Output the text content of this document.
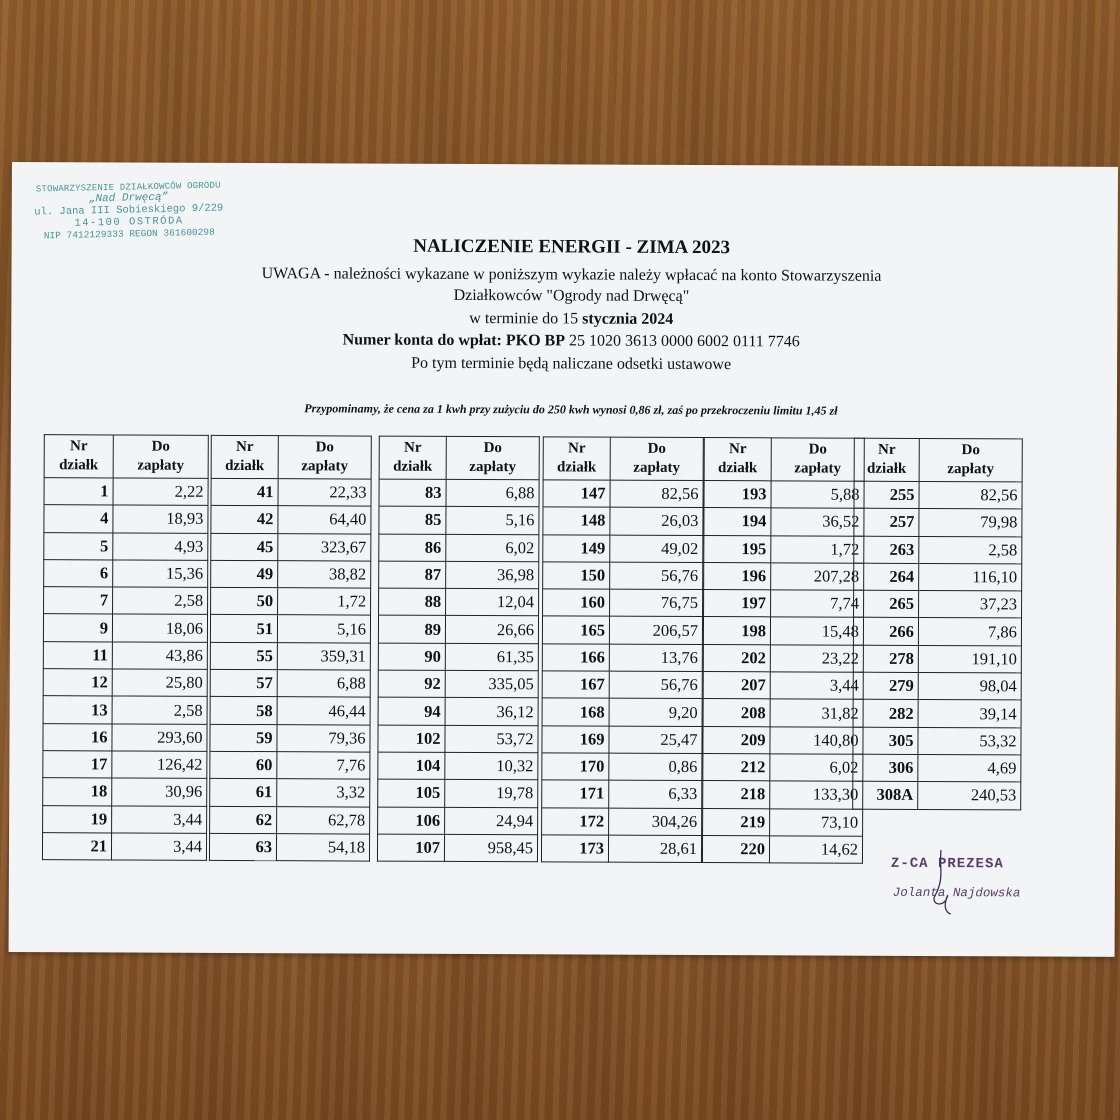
STOWARZYSZENIE DZIAŁKOWCÓW OGRODU
„Nad Drwęcą”
ul. Jana III Sobieskiego 9/229
14-100 OSTRÓDA
NIP 7412129333 REGON 361600298
NALICZENIE ENERGII - ZIMA 2023
UWAGA - należności wykazane w poniższym wykazie należy wpłacać na konto Stowarzyszenia Działkowców "Ogrody nad Drwęcą"
w terminie do 15 stycznia 2024
Numer konta do wpłat: PKO BP 25 1020 3613 0000 6002 0111 7746
Po tym terminie będą naliczane odsetki ustawowe
Przypominamy, że cena za 1 kwh przy zużyciu do 250 kwh wynosi 0,86 zł, zaś po przekroczeniu limitu 1,45 zł
Nr
działk	Do
zapłaty
1	2,22
4	18,93
5	4,93
6	15,36
7	2,58
9	18,06
11	43,86
12	25,80
13	2,58
16	293,60
17	126,42
18	30,96
19	3,44
21	3,44
Nr
działk	Do
zapłaty
41	22,33
42	64,40
45	323,67
49	38,82
50	1,72
51	5,16
55	359,31
57	6,88
58	46,44
59	79,36
60	7,76
61	3,32
62	62,78
63	54,18
Nr
działk	Do
zapłaty
83	6,88
85	5,16
86	6,02
87	36,98
88	12,04
89	26,66
90	61,35
92	335,05
94	36,12
102	53,72
104	10,32
105	19,78
106	24,94
107	958,45
Nr
działk	Do
zapłaty
147	82,56
148	26,03
149	49,02
150	56,76
160	76,75
165	206,57
166	13,76
167	56,76
168	9,20
169	25,47
170	0,86
171	6,33
172	304,26
173	28,61
Nr
działk	Do
zapłaty
193	5,88
194	36,52
195	1,72
196	207,28
197	7,74
198	15,48
202	23,22
207	3,44
208	31,82
209	140,80
212	6,02
218	133,30
219	73,10
220	14,62
Nr
działk	Do
zapłaty
255	82,56
257	79,98
263	2,58
264	116,10
265	37,23
266	7,86
278	191,10
279	98,04
282	39,14
305	53,32
306	4,69
308A	240,53
Z-CA PREZESA
Jolanta Najdowska
